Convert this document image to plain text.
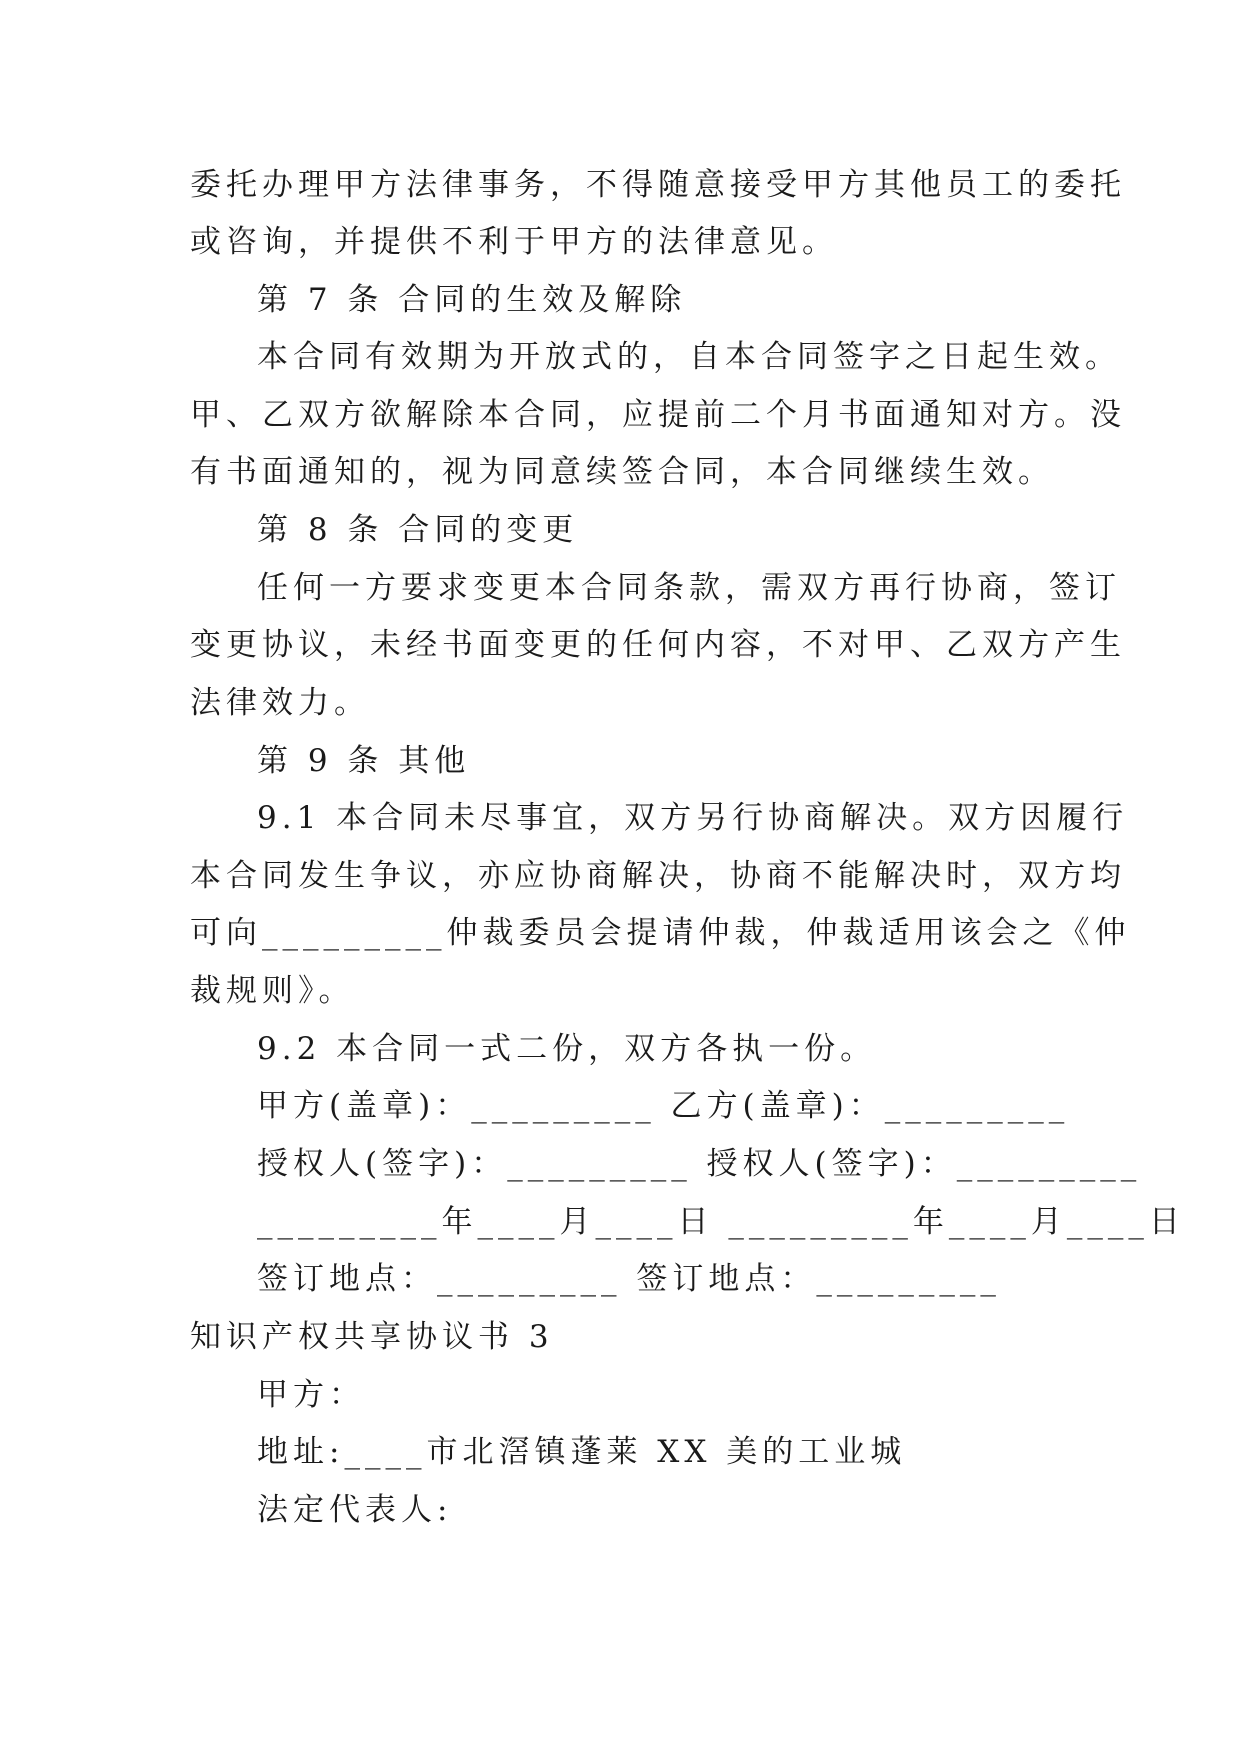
委托办理甲方法律事务，不得随意接受甲方其他员工的委托
或咨询，并提供不利于甲方的法律意见。
第 7 条 合同的生效及解除
本合同有效期为开放式的，自本合同签字之日起生效。
甲、乙双方欲解除本合同，应提前二个月书面通知对方。没
有书面通知的，视为同意续签合同，本合同继续生效。
第 8 条 合同的变更
任何一方要求变更本合同条款，需双方再行协商，签订
变更协议，未经书面变更的任何内容，不对甲、乙双方产生
法律效力。
第 9 条 其他
9.1 本合同未尽事宜，双方另行协商解决。双方因履行
本合同发生争议，亦应协商解决，协商不能解决时，双方均
可向_________仲裁委员会提请仲裁，仲裁适用该会之《仲
裁规则》。
9.2 本合同一式二份，双方各执一份。
甲方(盖章)：_________ 乙方(盖章)：_________
授权人(签字)：_________ 授权人(签字)：_________
_________年____月____日 _________年____月____日
签订地点：_________ 签订地点：_________
知识产权共享协议书 3
甲方：
地址:____市北滘镇蓬莱 XX 美的工业城
法定代表人:
